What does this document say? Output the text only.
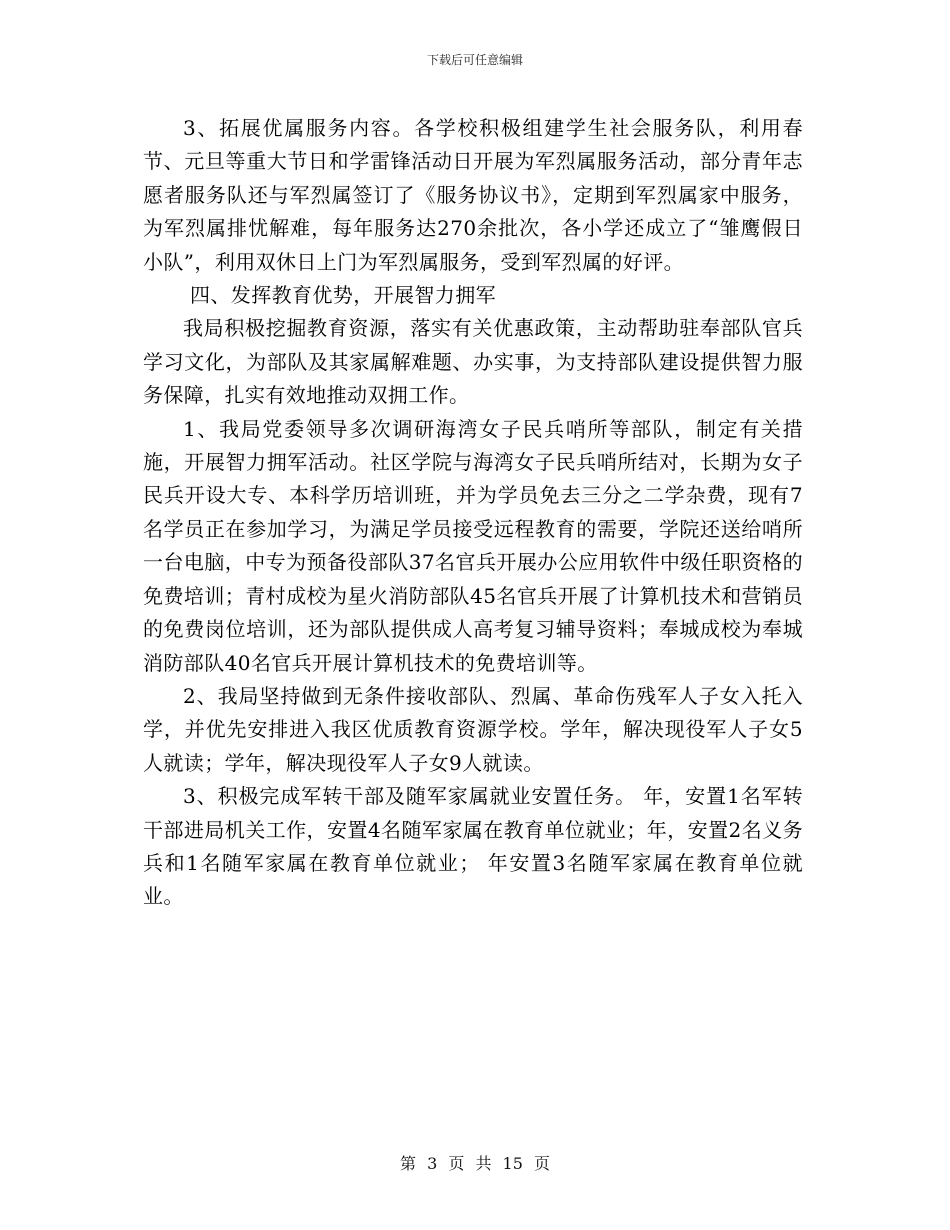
下载后可任意编辑

3、拓展优属服务内容。各学校积极组建学生社会服务队，利用春节、元旦等重大节日和学雷锋活动日开展为军烈属服务活动，部分青年志愿者服务队还与军烈属签订了《服务协议书》，定期到军烈属家中服务，为军烈属排忧解难，每年服务达270余批次，各小学还成立了“雏鹰假日小队”，利用双休日上门为军烈属服务，受到军烈属的好评。

四、发挥教育优势，开展智力拥军

我局积极挖掘教育资源，落实有关优惠政策，主动帮助驻奉部队官兵学习文化，为部队及其家属解难题、办实事，为支持部队建设提供智力服务保障，扎实有效地推动双拥工作。

1、我局党委领导多次调研海湾女子民兵哨所等部队，制定有关措施，开展智力拥军活动。社区学院与海湾女子民兵哨所结对，长期为女子民兵开设大专、本科学历培训班，并为学员免去三分之二学杂费，现有7名学员正在参加学习，为满足学员接受远程教育的需要，学院还送给哨所一台电脑，中专为预备役部队37名官兵开展办公应用软件中级任职资格的免费培训；青村成校为星火消防部队45名官兵开展了计算机技术和营销员的免费岗位培训，还为部队提供成人高考复习辅导资料；奉城成校为奉城消防部队40名官兵开展计算机技术的免费培训等。

2、我局坚持做到无条件接收部队、烈属、革命伤残军人子女入托入学，并优先安排进入我区优质教育资源学校。学年，解决现役军人子女5人就读；学年，解决现役军人子女9人就读。

3、积极完成军转干部及随军家属就业安置任务。 年，安置1名军转干部进局机关工作，安置4名随军家属在教育单位就业；年，安置2名义务兵和1名随军家属在教育单位就业； 年安置3名随军家属在教育单位就业。

第 3 页 共 15 页
